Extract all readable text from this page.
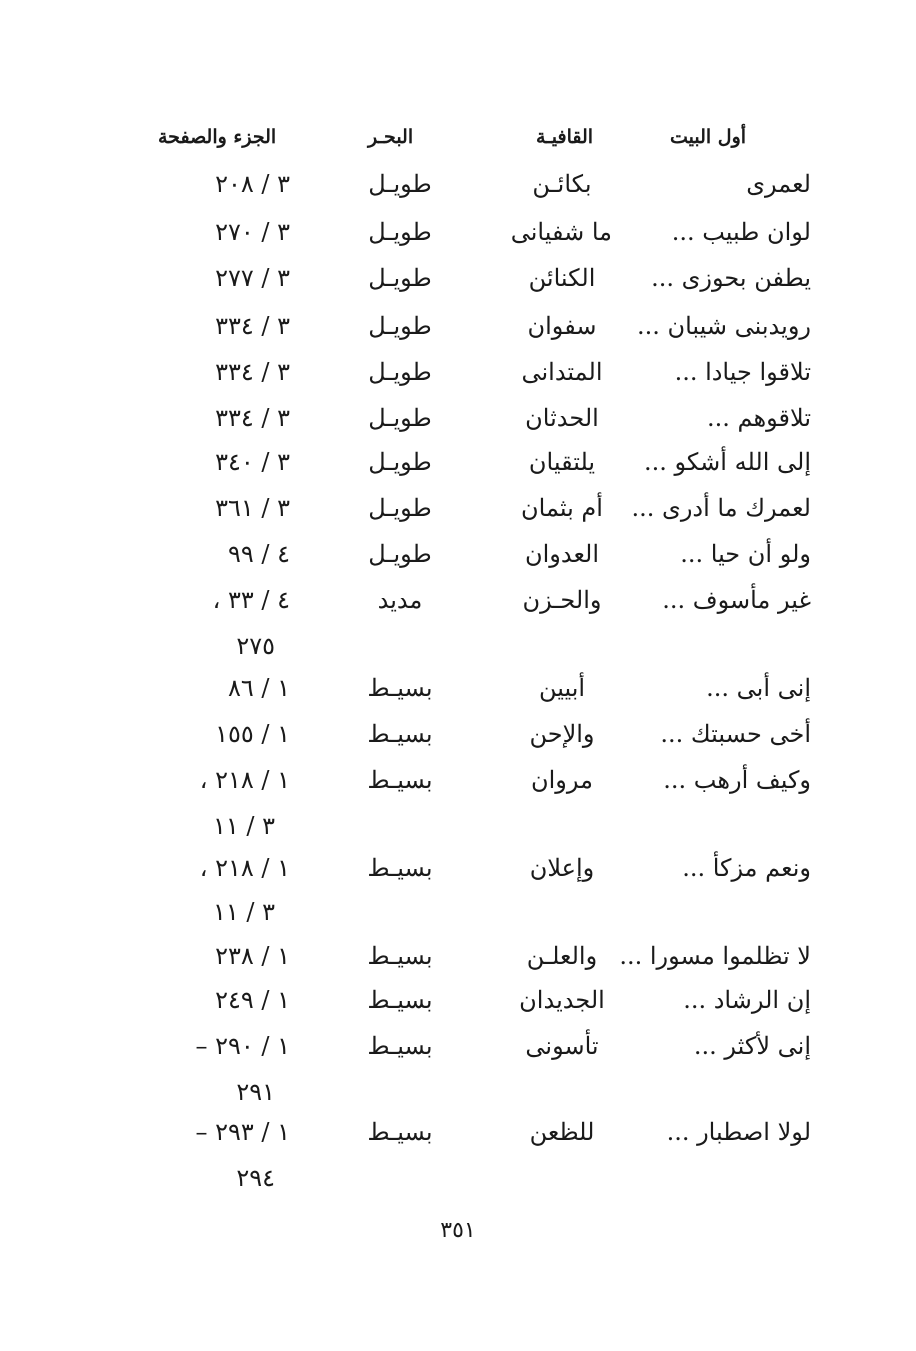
أول البيت
القافيـة
البحـر
الجزء والصفحة
لعمرى
بكائـن
طويـل
٣ / ٢٠٨
لوان طبيب ...
ما شفيانى
طويـل
٣ / ٢٧٠
يطفن بحوزى ...
الكنائن
طويـل
٣ / ٢٧٧
رويدبنى شيبان ...
سفوان
طويـل
٣ / ٣٣٤
تلاقوا جيادا ...
المتدانى
طويـل
٣ / ٣٣٤
تلاقوهم ...
الحدثان
طويـل
٣ / ٣٣٤
إلى الله أشكو ...
يلتقيان
طويـل
٣ / ٣٤٠
لعمرك ما أدرى ...
أم بثمان
طويـل
٣ / ٣٦١
ولو أن حيا ...
العدوان
طويـل
٤ / ٩٩
غير مأسوف ...
والحـزن
مديد
٤ / ٣٣ ،
٢٧٥
إنى أبى ...
أبيين
بسيـط
١ / ٨٦
أخى حسبتك ...
والإحن
بسيـط
١ / ١٥٥
وكيف أرهب ...
مروان
بسيـط
١ / ٢١٨ ،
٣ / ١١
ونعم مزكأ ...
وإعلان
بسيـط
١ / ٢١٨ ،
٣ / ١١
لا تظلموا مسورا ...
والعلـن
بسيـط
١ / ٢٣٨
إن الرشاد ...
الجديدان
بسيـط
١ / ٢٤٩
إنى لأكثر ...
تأسونى
بسيـط
١ / ٢٩٠ –
٢٩١
لولا اصطبار ...
للظعن
بسيـط
١ / ٢٩٣ –
٢٩٤
٣٥١
